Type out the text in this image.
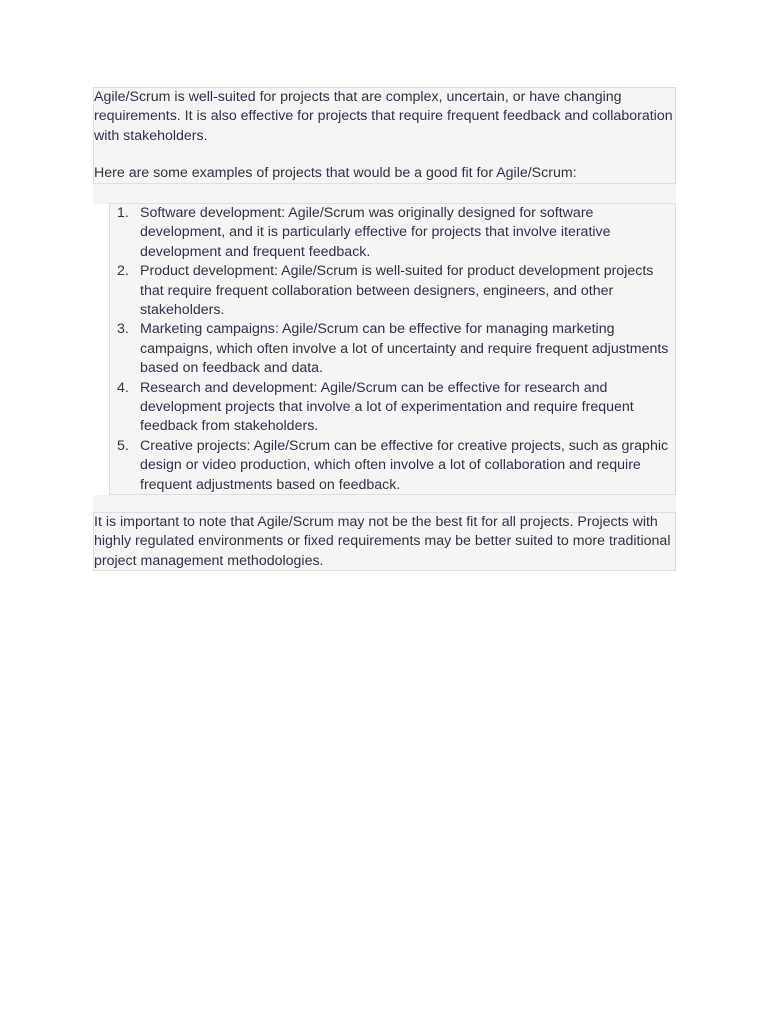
Agile/Scrum is well-suited for projects that are complex, uncertain, or have changing requirements. It is also effective for projects that require frequent feedback and collaboration with stakeholders.

Here are some examples of projects that would be a good fit for Agile/Scrum:

1. Software development: Agile/Scrum was originally designed for software development, and it is particularly effective for projects that involve iterative development and frequent feedback.
2. Product development: Agile/Scrum is well-suited for product development projects that require frequent collaboration between designers, engineers, and other stakeholders.
3. Marketing campaigns: Agile/Scrum can be effective for managing marketing campaigns, which often involve a lot of uncertainty and require frequent adjustments based on feedback and data.
4. Research and development: Agile/Scrum can be effective for research and development projects that involve a lot of experimentation and require frequent feedback from stakeholders.
5. Creative projects: Agile/Scrum can be effective for creative projects, such as graphic design or video production, which often involve a lot of collaboration and require frequent adjustments based on feedback.

It is important to note that Agile/Scrum may not be the best fit for all projects. Projects with highly regulated environments or fixed requirements may be better suited to more traditional project management methodologies.
